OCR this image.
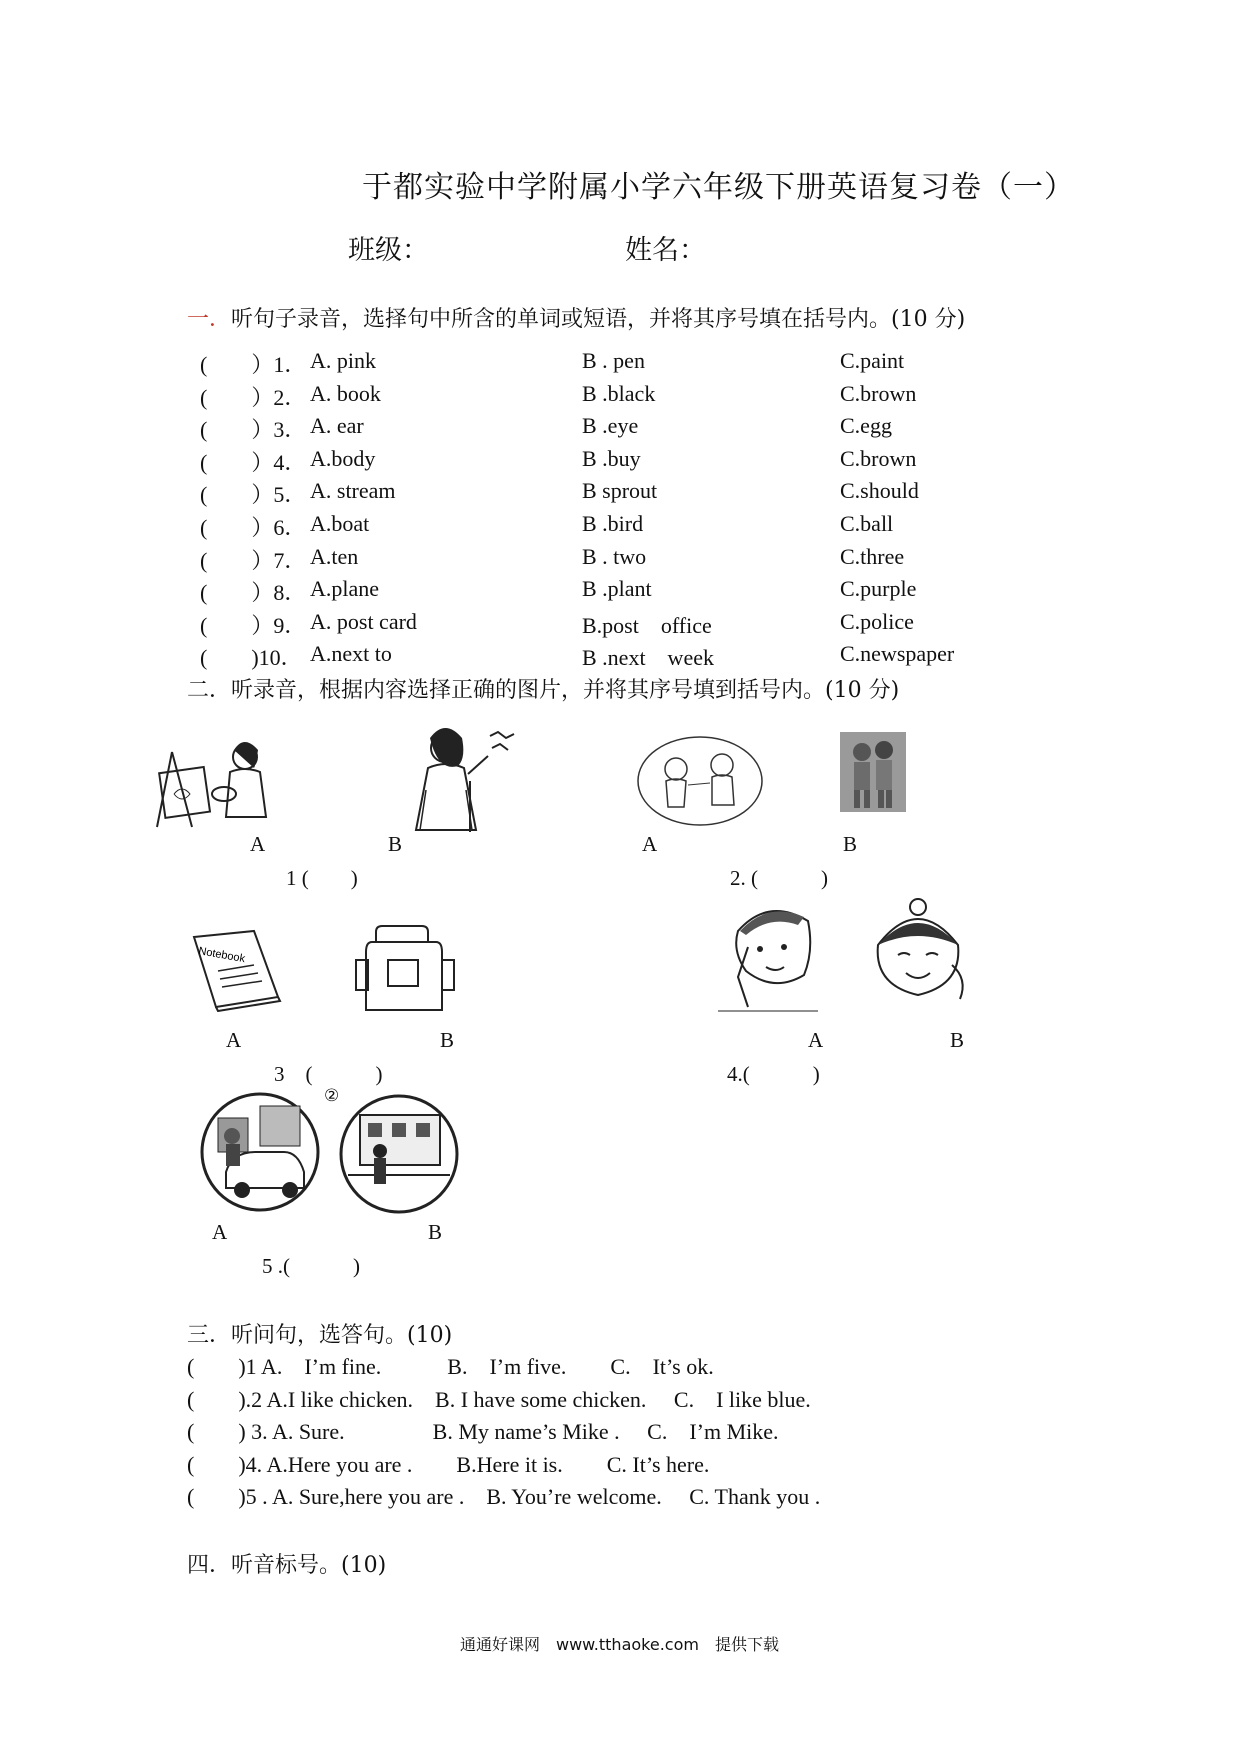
于都实验中学附属小学六年级下册英语复习卷（一）
班级：	姓名：
一．听句子录音，选择句中所含的单词或短语，并将其序号填在括号内。(10 分)
(　　）1． A. pink	B . pen	C.paint
(　　）2． A. book	B .black	C.brown
(　　）3． A. ear	B .eye	C.egg
(　　）4． A.body	B .buy	C.brown
(　　）5． A. stream	B sprout	C.should
(　　）6． A.boat	B .bird	C.ball
(　　）7． A.ten	B . two	C.three
(　　）8． A.plane	B .plant	C.purple
(　　）9． A. post card	B.post　office	C.police
(　　)10． A.next to	B .next　week	C.newspaper
二．听录音，根据内容选择正确的图片，并将其序号填到括号内。(10 分)
A	B
1 (　　)
A	B
2. (　　　)
Notebook
A	B
3　(　　　)
A	B
4.(　　　)
②
A	B
5 .(　　　)
三．听问句，选答句。(10)
(　　)1 A.　I’m fine.　　　B.　I’m five.　　C.　It’s ok.
(　　).2 A.I like chicken.　B. I have some chicken.　 C.　I like blue.
(　　) 3. A. Sure.　　　　B. My name’s Mike .　 C.　I’m Mike.
(　　)4. A.Here you are .　　B.Here it is.　　C. It’s here.
(　　)5 . A. Sure,here you are .　B. You’re welcome.　 C. Thank you .
四．听音标号。(10)
通通好课网　www.tthaoke.com　提供下载
